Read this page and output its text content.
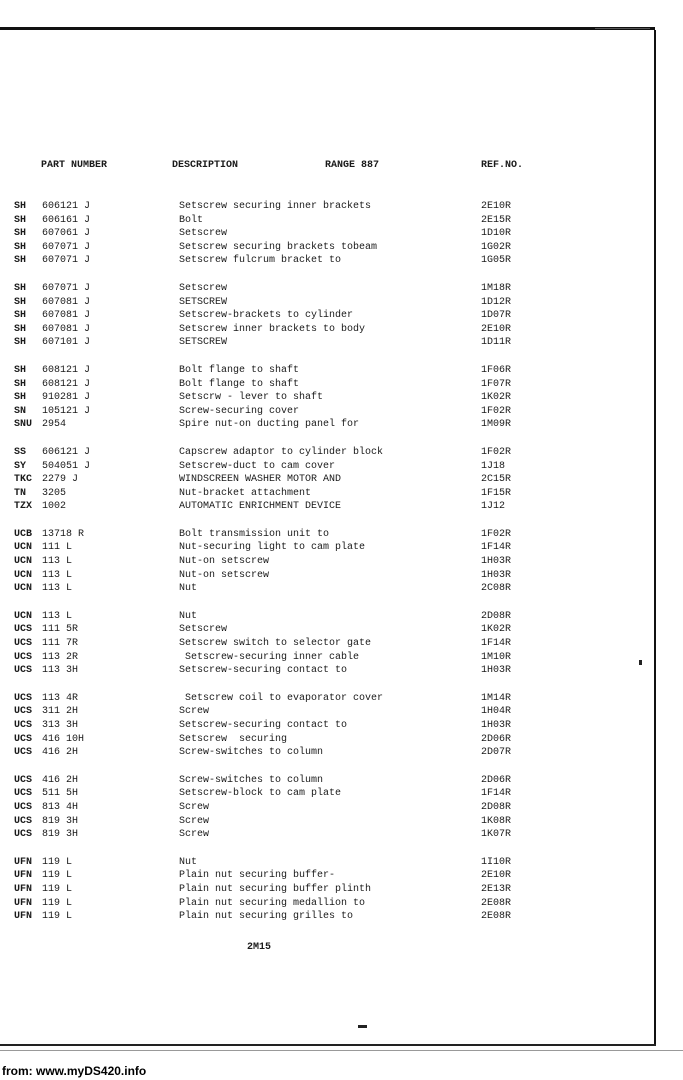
PART NUMBER	DESCRIPTION	RANGE 887	REF.NO.
SH	606121 J	Setscrew securing inner brackets	2E10R
SH	606161 J	Bolt	2E15R
SH	607061 J	Setscrew	1D10R
SH	607071 J	Setscrew securing brackets tobeam	1G02R
SH	607071 J	Setscrew fulcrum bracket to	1G05R
SH	607071 J	Setscrew	1M18R
SH	607081 J	SETSCREW	1D12R
SH	607081 J	Setscrew-brackets to cylinder	1D07R
SH	607081 J	Setscrew inner brackets to body	2E10R
SH	607101 J	SETSCREW	1D11R
SH	608121 J	Bolt flange to shaft	1F06R
SH	608121 J	Bolt flange to shaft	1F07R
SH	910281 J	Setscrw - lever to shaft	1K02R
SN	105121 J	Screw-securing cover	1F02R
SNU 2954	Spire nut-on ducting panel for	1M09R
SS	606121 J	Capscrew adaptor to cylinder block	1F02R
SY	504051 J	Setscrew-duct to cam cover	1J18
TKC 2279 J	WINDSCREEN WASHER MOTOR AND	2C15R
TN	3205	Nut-bracket attachment	1F15R
TZX 1002	AUTOMATIC ENRICHMENT DEVICE	1J12
UCB 13718 R	Bolt transmission unit to	1F02R
UCN 111 L	Nut-securing light to cam plate	1F14R
UCN 113 L	Nut-on setscrew	1H03R
UCN 113 L	Nut-on setscrew	1H03R
UCN 113 L	Nut	2C08R
UCN 113 L	Nut	2D08R
UCS 111 5R	Setscrew	1K02R
UCS 111 7R	Setscrew switch to selector gate	1F14R
UCS 113 2R	Setscrew-securing inner cable	1M10R
UCS 113 3H	Setscrew-securing contact to	1H03R
UCS 113 4R	Setscrew coil to evaporator cover	1M14R
UCS 311 2H	Screw	1H04R
UCS 313 3H	Setscrew-securing contact to	1H03R
UCS 416 10H	Setscrew  securing	2D06R
UCS 416 2H	Screw-switches to column	2D07R
UCS 416 2H	Screw-switches to column	2D06R
UCS 511 5H	Setscrew-block to cam plate	1F14R
UCS 813 4H	Screw	2D08R
UCS 819 3H	Screw	1K08R
UCS 819 3H	Screw	1K07R
UFN 119 L	Nut	1I10R
UFN 119 L	Plain nut securing buffer-	2E10R
UFN 119 L	Plain nut securing buffer plinth	2E13R
UFN 119 L	Plain nut securing medallion to	2E08R
UFN 119 L	Plain nut securing grilles to	2E08R
2M15
from: www.myDS420.info
